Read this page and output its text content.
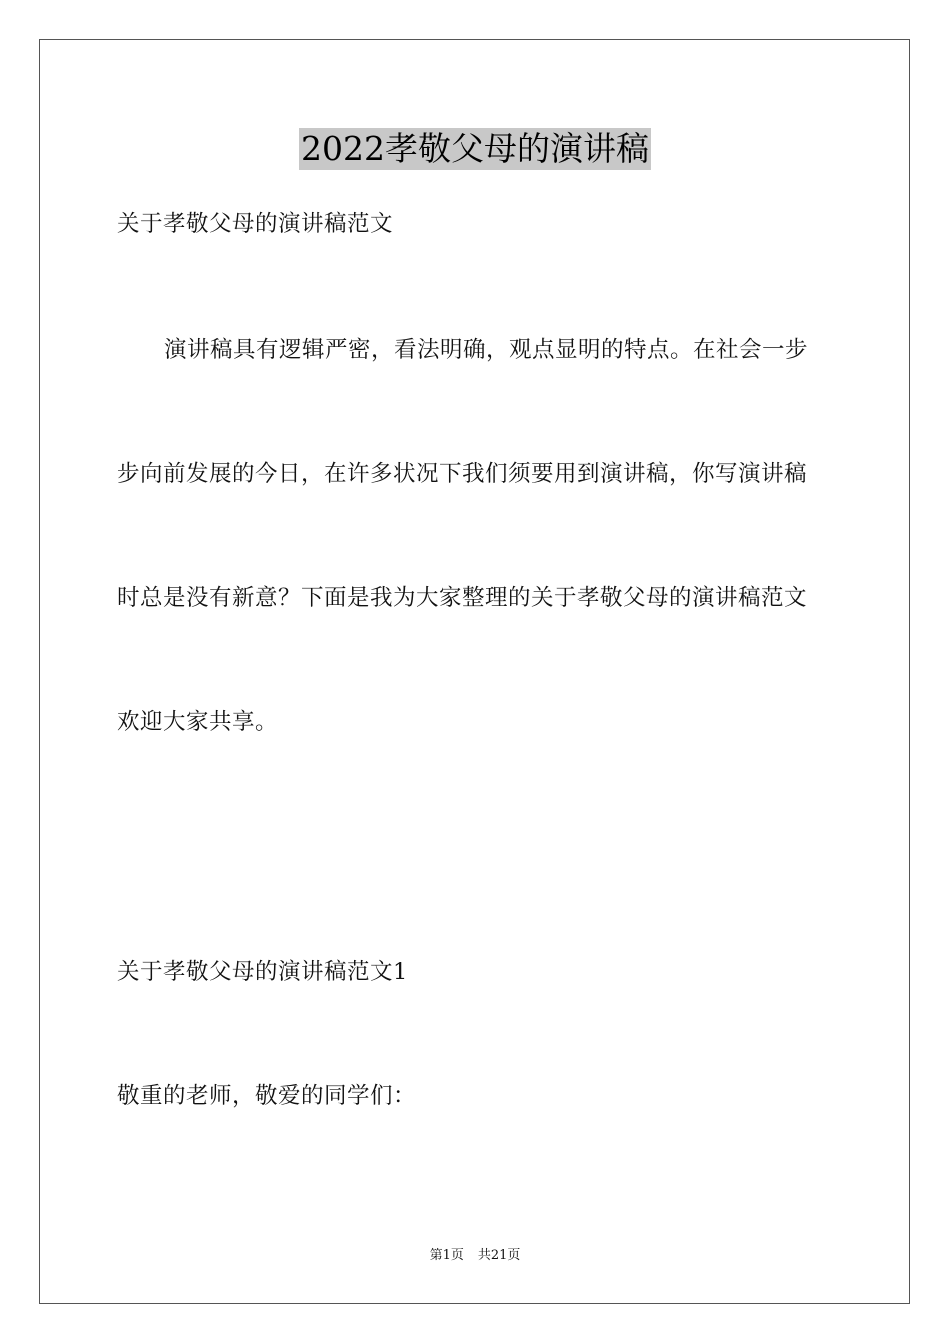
2022孝敬父母的演讲稿
关于孝敬父母的演讲稿范文
演讲稿具有逻辑严密，看法明确，观点显明的特点。在社会一步
步向前发展的今日，在许多状况下我们须要用到演讲稿，你写演讲稿
时总是没有新意？下面是我为大家整理的关于孝敬父母的演讲稿范文
欢迎大家共享。
关于孝敬父母的演讲稿范文1
敬重的老师，敬爱的同学们：
第1页 共21页
